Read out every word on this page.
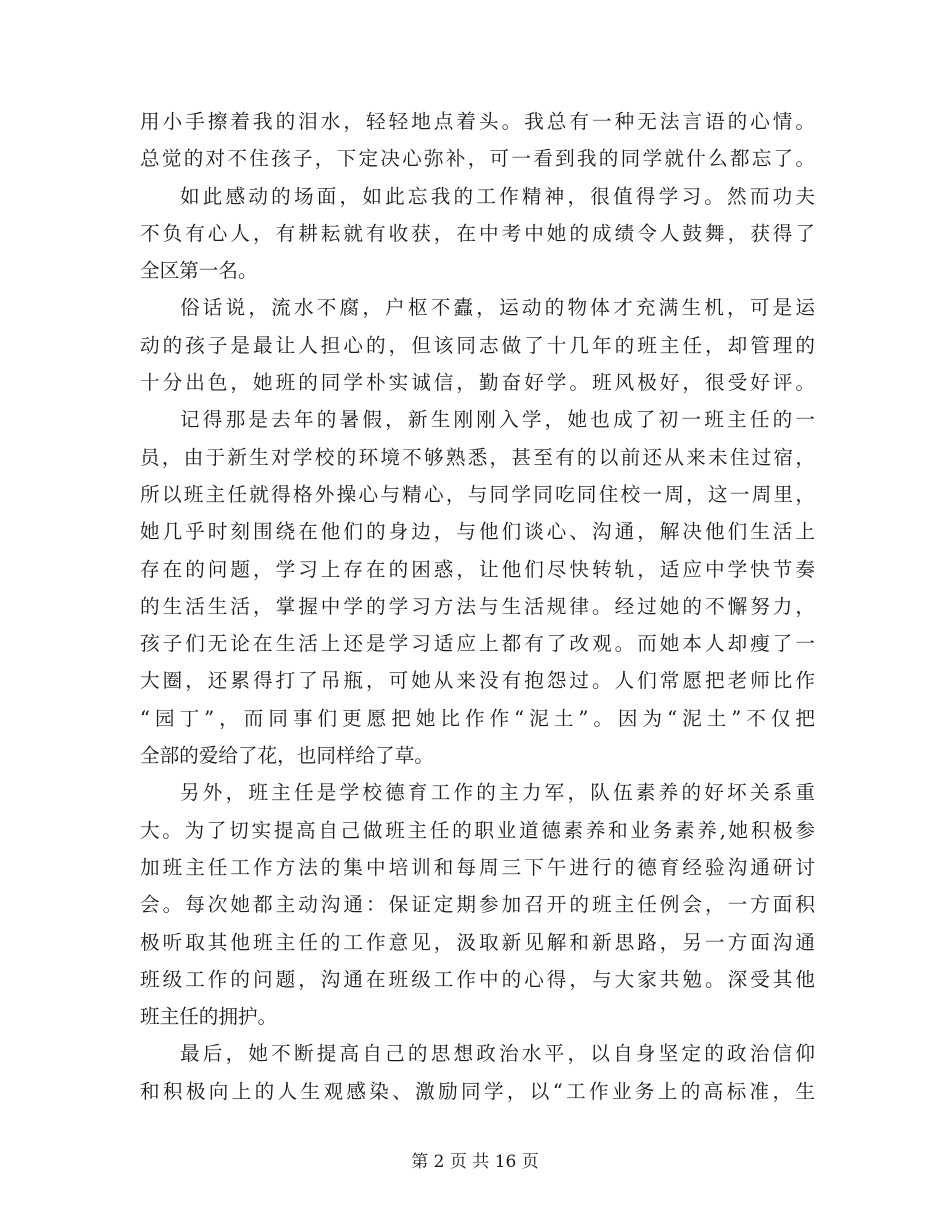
用小手擦着我的泪水，轻轻地点着头。我总有一种无法言语的心情。
总觉的对不住孩子，下定决心弥补，可一看到我的同学就什么都忘了。
如此感动的场面，如此忘我的工作精神，很值得学习。然而功夫
不负有心人，有耕耘就有收获，在中考中她的成绩令人鼓舞，获得了
全区第一名。
俗话说，流水不腐，户枢不蠹，运动的物体才充满生机，可是运
动的孩子是最让人担心的，但该同志做了十几年的班主任，却管理的
十分出色，她班的同学朴实诚信，勤奋好学。班风极好，很受好评。
记得那是去年的暑假，新生刚刚入学，她也成了初一班主任的一
员，由于新生对学校的环境不够熟悉，甚至有的以前还从来未住过宿，
所以班主任就得格外操心与精心，与同学同吃同住校一周，这一周里，
她几乎时刻围绕在他们的身边，与他们谈心、沟通，解决他们生活上
存在的问题，学习上存在的困惑，让他们尽快转轨，适应中学快节奏
的生活生活，掌握中学的学习方法与生活规律。经过她的不懈努力，
孩子们无论在生活上还是学习适应上都有了改观。而她本人却瘦了一
大圈，还累得打了吊瓶，可她从来没有抱怨过。人们常愿把老师比作
“园丁”，而同事们更愿把她比作作“泥土”。因为“泥土”不仅把
全部的爱给了花，也同样给了草。
另外，班主任是学校德育工作的主力军，队伍素养的好坏关系重
大。为了切实提高自己做班主任的职业道德素养和业务素养,她积极参
加班主任工作方法的集中培训和每周三下午进行的德育经验沟通研讨
会。每次她都主动沟通：保证定期参加召开的班主任例会，一方面积
极听取其他班主任的工作意见，汲取新见解和新思路，另一方面沟通
班级工作的问题，沟通在班级工作中的心得，与大家共勉。深受其他
班主任的拥护。
最后，她不断提高自己的思想政治水平，以自身坚定的政治信仰
和积极向上的人生观感染、激励同学，以“工作业务上的高标准，生
第 2 页 共 16 页
